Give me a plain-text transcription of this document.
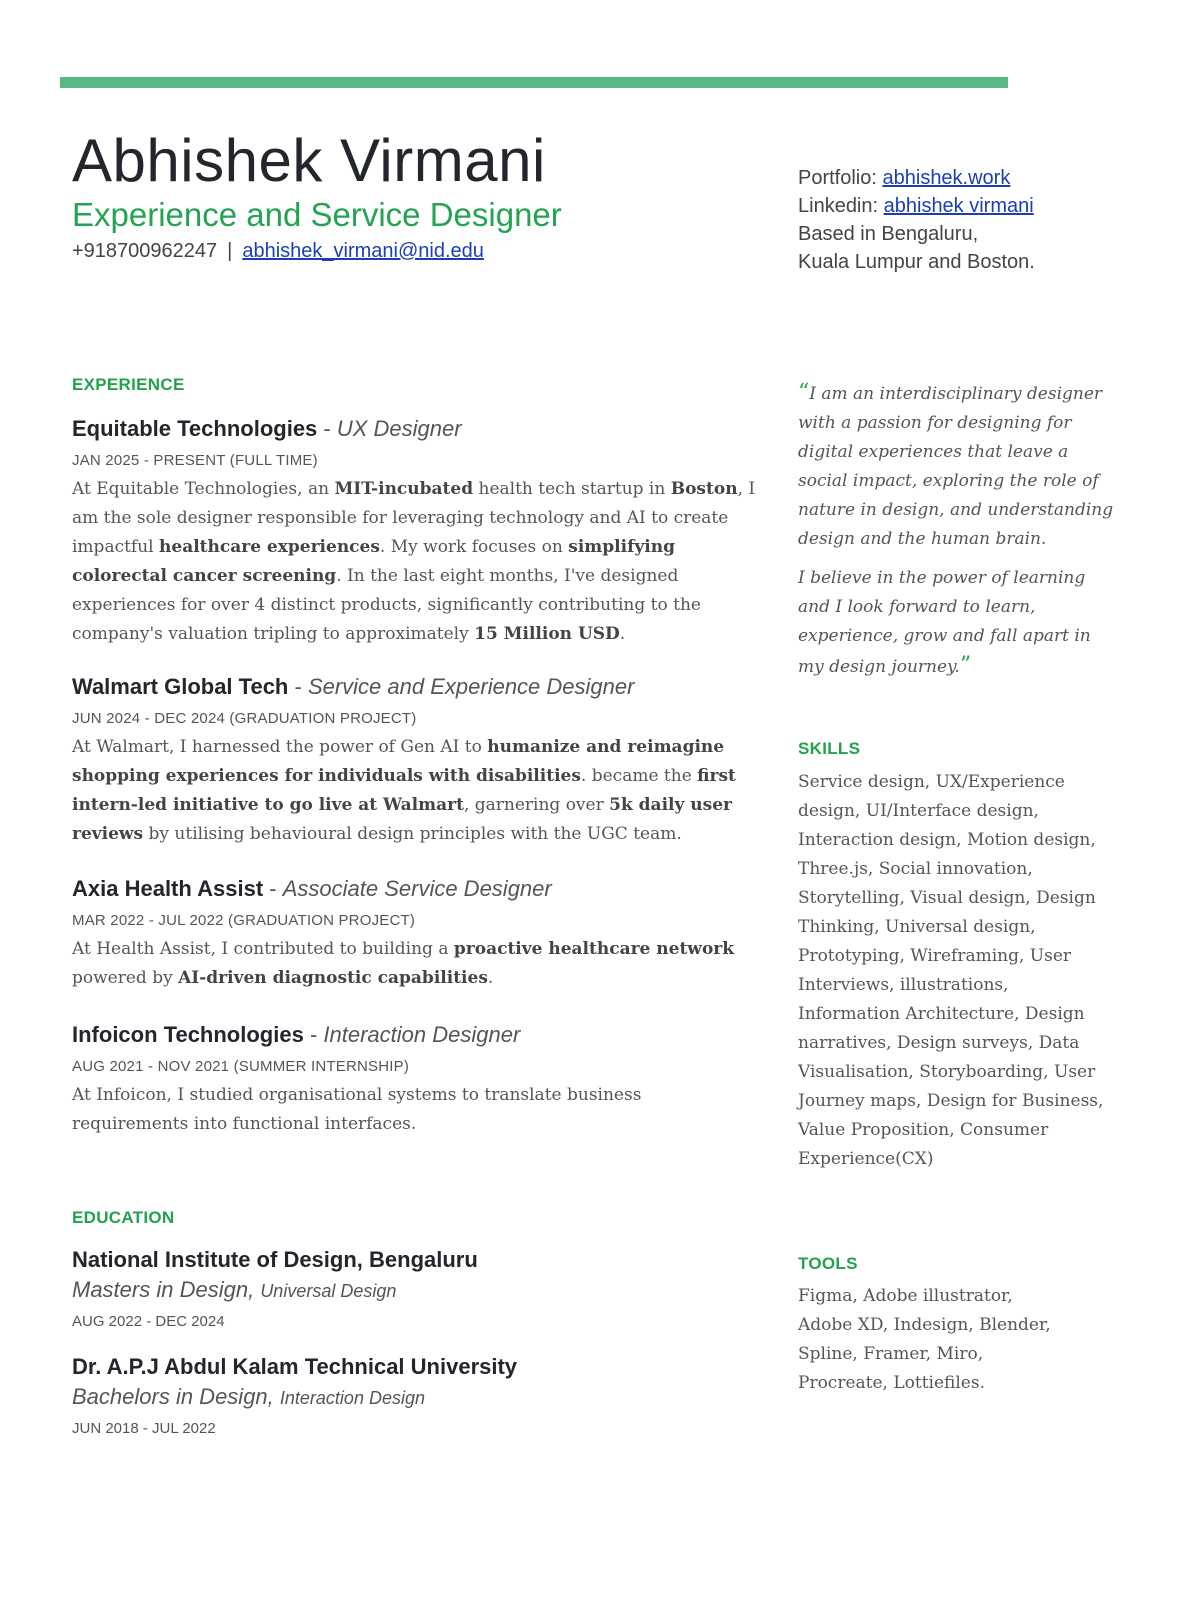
Abhishek Virmani
Experience and Service Designer
+918700962247 | abhishek_virmani@nid.edu
Portfolio: abhishek.work
Linkedin: abhishek virmani
Based in Bengaluru,
Kuala Lumpur and Boston.
EXPERIENCE
Equitable Technologies - UX Designer
JAN 2025 - PRESENT (FULL TIME)
At Equitable Technologies, an MIT-incubated health tech startup in Boston, I am the sole designer responsible for leveraging technology and AI to create impactful healthcare experiences. My work focuses on simplifying colorectal cancer screening. In the last eight months, I've designed experiences for over 4 distinct products, significantly contributing to the company's valuation tripling to approximately 15 Million USD.
Walmart Global Tech - Service and Experience Designer
JUN 2024 - DEC 2024 (GRADUATION PROJECT)
At Walmart, I harnessed the power of Gen AI to humanize and reimagine shopping experiences for individuals with disabilities. became the first intern-led initiative to go live at Walmart, garnering over 5k daily user reviews by utilising behavioural design principles with the UGC team.
Axia Health Assist - Associate Service Designer
MAR 2022 - JUL 2022 (GRADUATION PROJECT)
At Health Assist, I contributed to building a proactive healthcare network powered by AI-driven diagnostic capabilities.
Infoicon Technologies - Interaction Designer
AUG 2021 - NOV 2021 (SUMMER INTERNSHIP)
At Infoicon, I studied organisational systems to translate business requirements into functional interfaces.
EDUCATION
National Institute of Design, Bengaluru
Masters in Design, Universal Design
AUG 2022 - DEC 2024
Dr. A.P.J Abdul Kalam Technical University
Bachelors in Design, Interaction Design
JUN 2018 - JUL 2022

“I am an interdisciplinary designer with a passion for designing for digital experiences that leave a social impact, exploring the role of nature in design, and understanding design and the human brain.

I believe in the power of learning and I look forward to learn, experience, grow and fall apart in my design journey.”

SKILLS
Service design, UX/Experience design, UI/Interface design, Interaction design, Motion design, Three.js, Social innovation, Storytelling, Visual design, Design Thinking, Universal design, Prototyping, Wireframing, User Interviews, illustrations, Information Architecture, Design narratives, Design surveys, Data Visualisation, Storyboarding, User Journey maps, Design for Business, Value Proposition, Consumer Experience(CX)
TOOLS
Figma, Adobe illustrator, Adobe XD, Indesign, Blender, Spline, Framer, Miro, Procreate, Lottiefiles.
